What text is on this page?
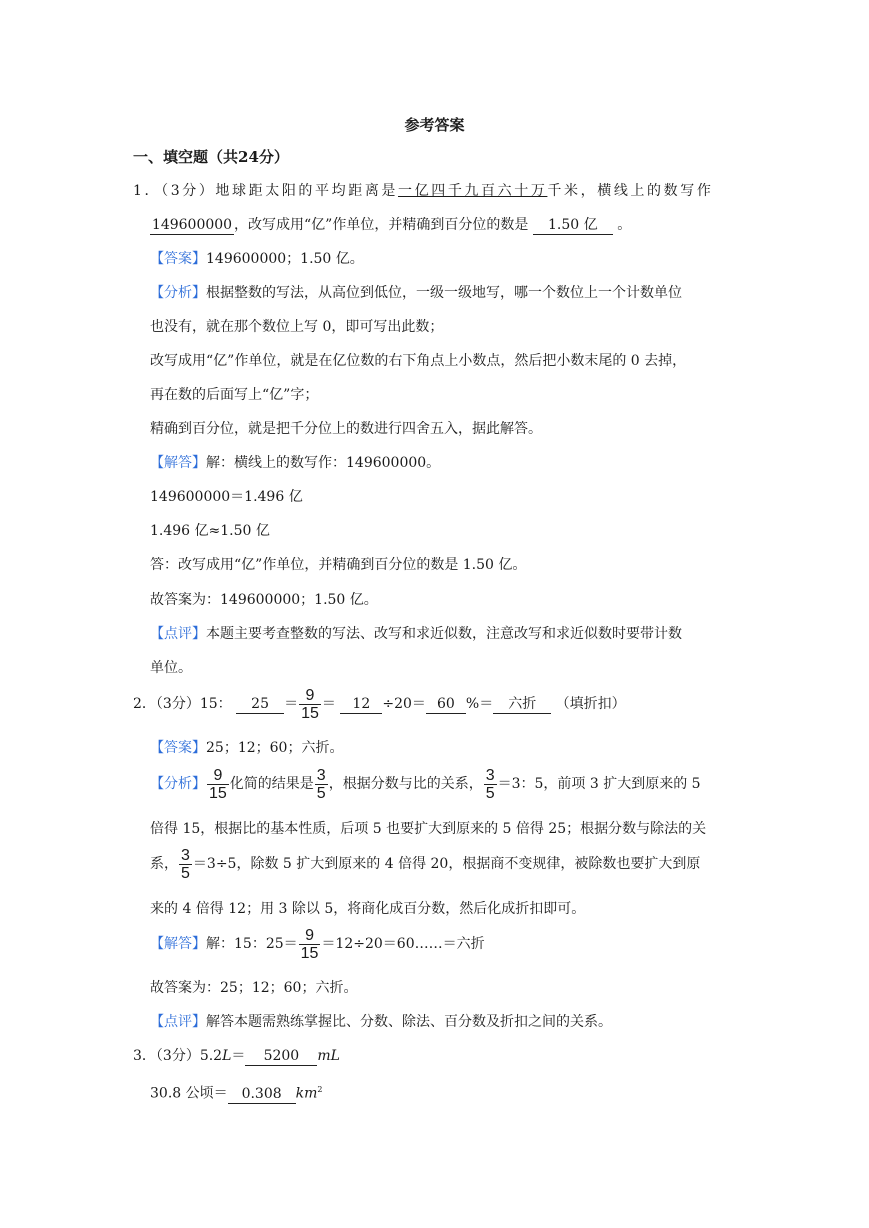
参考答案
一、填空题（共24分）
1．（3分）地球距太阳的平均距离是一亿四千九百六十万千米，横线上的数写作
149600000 ，改写成用“亿”作单位，并精确到百分位的数是 1.50 亿 。
【答案】149600000；1.50 亿。
【分析】根据整数的写法，从高位到低位，一级一级地写，哪一个数位上一个计数单位
也没有，就在那个数位上写 0，即可写出此数；
改写成用“亿”作单位，就是在亿位数的右下角点上小数点，然后把小数末尾的 0 去掉，
再在数的后面写上“亿”字；
精确到百分位，就是把千分位上的数进行四舍五入，据此解答。
【解答】解：横线上的数写作：149600000。
149600000＝1.496 亿
1.496 亿≈1.50 亿
答：改写成用“亿”作单位，并精确到百分位的数是 1.50 亿。
故答案为：149600000；1.50 亿。
【点评】本题主要考查整数的写法、改写和求近似数，注意改写和求近似数时要带计数
单位。
2．（3分）15： $25 = \frac{9}{15} = 12 \div 20= 60$ %＝ 六折 （填折扣）
【答案】25；12；60；六折。
【分析】 $\frac{9}{15}$ 化简的结果是 $\frac{3}{5}$ ，根据分数与比的关系， $\frac{3}{5} =3$：5，前项 3 扩大到原来的 5
倍得 15，根据比的基本性质，后项 5 也要扩大到原来的 5 倍得 25；根据分数与除法的关
系， $\frac{3}{5} =3\div 5$，除数 5 扩大到原来的 4 倍得 20，根据商不变规律，被除数也要扩大到原
来的 4 倍得 12；用 3 除以 5，将商化成百分数，然后化成折扣即可。
【解答】解：15：$25= \frac{9}{15}$ ＝12÷20＝60……＝六折
故答案为：25；12；60；六折。
【点评】解答本题需熟练掌握比、分数、除法、百分数及折扣之间的关系。
3．（3分）5.2L＝ 5200 mL
30.8 公顷＝ 0.308 $km^2$
